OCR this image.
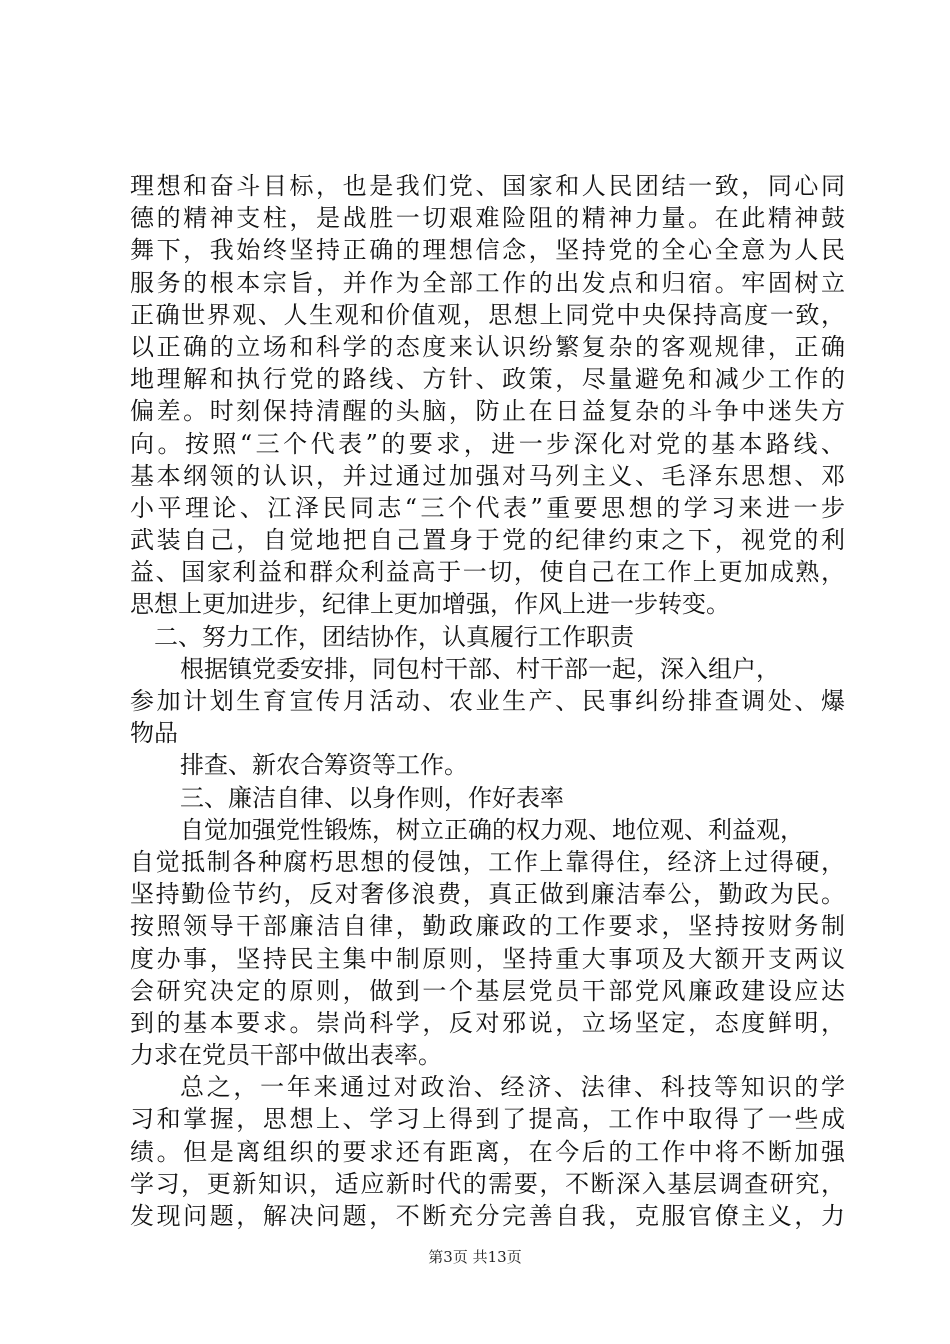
理想和奋斗目标，也是我们党、国家和人民团结一致，同心同
德的精神支柱，是战胜一切艰难险阻的精神力量。在此精神鼓
舞下，我始终坚持正确的理想信念，坚持党的全心全意为人民
服务的根本宗旨，并作为全部工作的出发点和归宿。牢固树立
正确世界观、人生观和价值观，思想上同党中央保持高度一致，
以正确的立场和科学的态度来认识纷繁复杂的客观规律，正确
地理解和执行党的路线、方针、政策，尽量避免和减少工作的
偏差。时刻保持清醒的头脑，防止在日益复杂的斗争中迷失方
向。按照“三个代表”的要求，进一步深化对党的基本路线、
基本纲领的认识，并过通过加强对马列主义、毛泽东思想、邓
小平理论、江泽民同志“三个代表”重要思想的学习来进一步
武装自己，自觉地把自己置身于党的纪律约束之下，视党的利
益、国家利益和群众利益高于一切，使自己在工作上更加成熟，
思想上更加进步，纪律上更加增强，作风上进一步转变。
二、努力工作，团结协作，认真履行工作职责
根据镇党委安排，同包村干部、村干部一起，深入组户，
参加计划生育宣传月活动、农业生产、民事纠纷排查调处、爆
物品
排查、新农合筹资等工作。
三、廉洁自律、以身作则，作好表率
自觉加强党性锻炼，树立正确的权力观、地位观、利益观，
自觉抵制各种腐朽思想的侵蚀，工作上靠得住，经济上过得硬，
坚持勤俭节约，反对奢侈浪费，真正做到廉洁奉公，勤政为民。
按照领导干部廉洁自律，勤政廉政的工作要求，坚持按财务制
度办事，坚持民主集中制原则，坚持重大事项及大额开支两议
会研究决定的原则，做到一个基层党员干部党风廉政建设应达
到的基本要求。崇尚科学，反对邪说，立场坚定，态度鲜明，
力求在党员干部中做出表率。
总之，一年来通过对政治、经济、法律、科技等知识的学
习和掌握，思想上、学习上得到了提高，工作中取得了一些成
绩。但是离组织的要求还有距离，在今后的工作中将不断加强
学习，更新知识，适应新时代的需要，不断深入基层调查研究，
发现问题，解决问题，不断充分完善自我，克服官僚主义，力
第3页 共13页
